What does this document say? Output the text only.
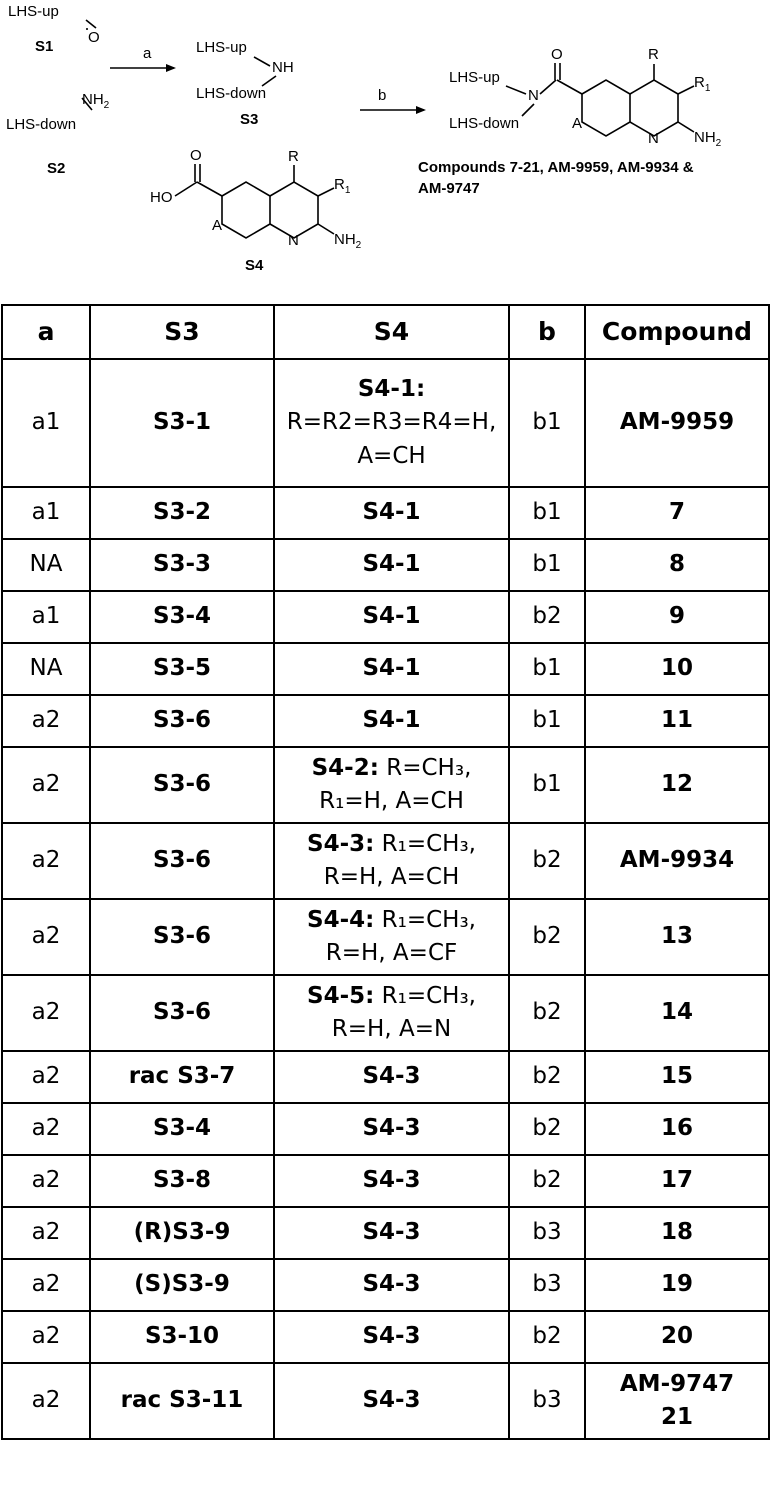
LHS-up
O
S1
$NH_2$
LHS-down
S2
a	LHS-up
NH
LHS-down
S3
b
O
HO
R
$R_1$
A
N $NH_2$
S4
LHS-up
N
LHS-down
O	R
$R_1$
A
N $NH_2$
Compounds 7-21, AM-9959, AM-9934 &
AM-9747
a	S3	S4	b	Compound
a1	S3-1	S4-1:
R=R2=R3=R4=H,
A=CH	b1	AM-9959

a1	S3-2	S4-1	b1	7

NA	S3-3	S4-1	b1	8

a1	S3-4	S4-1	b2	9

NA	S3-5	S4-1	b1	10

a2	S3-6	S4-1	b1	11

a2	S3-6	S4-2: R=CH₃,
R₁=H, A=CH	b1	12

a2	S3-6	S4-3: R₁=CH₃,
R=H, A=CH	b2	AM-9934

a2	S3-6	S4-4: R₁=CH₃,
R=H, A=CF	b2	13

a2	S3-6	S4-5: R₁=CH₃,
R=H, A=N	b2	14

a2	rac S3-7	S4-3	b2	15

a2	S3-4	S4-3	b2	16

a2	S3-8	S4-3	b2	17

a2	(R)S3-9	S4-3	b3	18

a2	(S)S3-9	S4-3	b3	19

a2	S3-10	S4-3	b2	20

a2	rac S3-11	S4-3	b3	AM-9747
21
